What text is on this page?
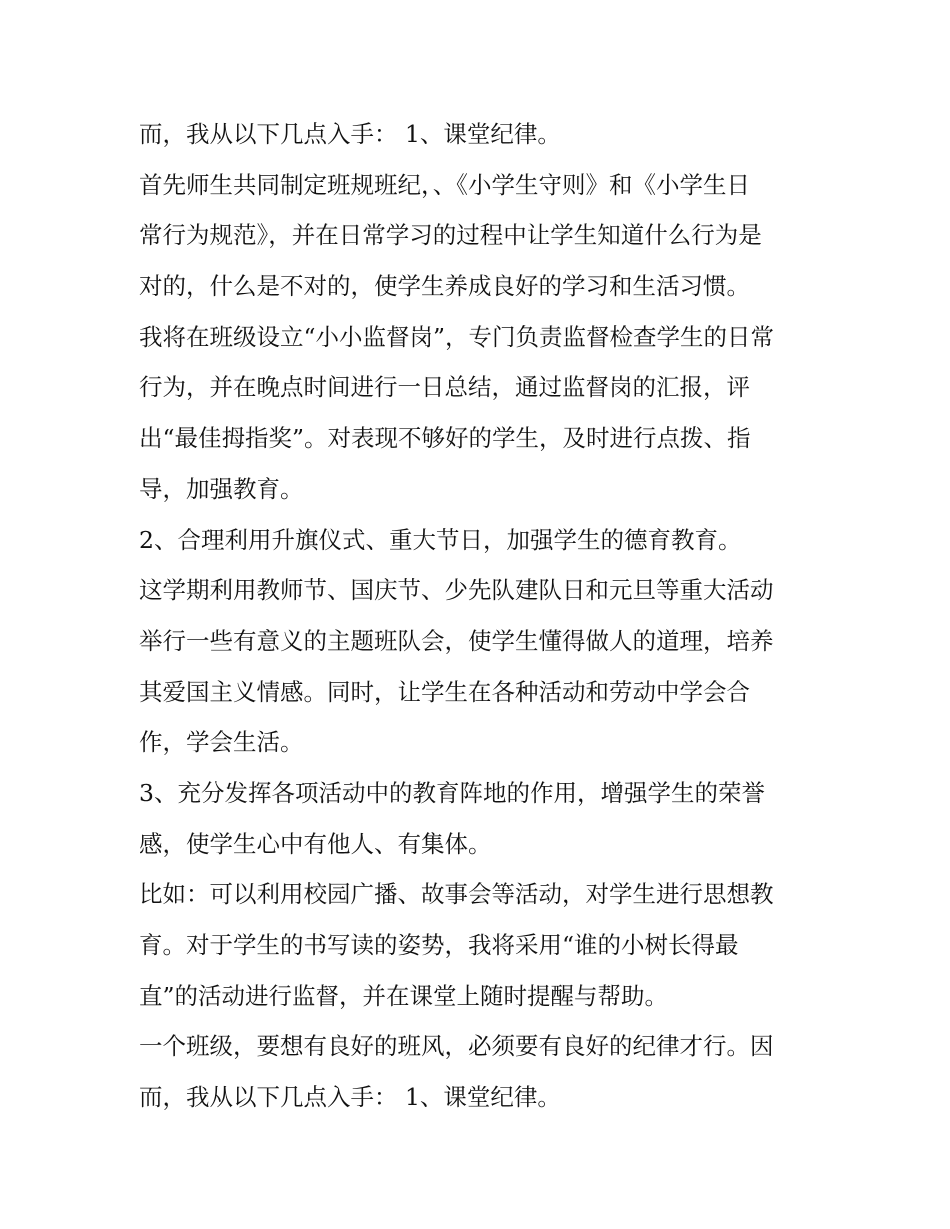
而，我从以下几点入手： 1、课堂纪律。

首先师生共同制定班规班纪，、《小学生守则》和《小学生日
常行为规范》，并在日常学习的过程中让学生知道什么行为是
对的，什么是不对的，使学生养成良好的学习和生活习惯。

我将在班级设立“小小监督岗”，专门负责监督检查学生的日常
行为，并在晚点时间进行一日总结，通过监督岗的汇报，评
出“最佳拇指奖”。对表现不够好的学生，及时进行点拨、指
导，加强教育。

2、合理利用升旗仪式、重大节日，加强学生的德育教育。

这学期利用教师节、国庆节、少先队建队日和元旦等重大活动
举行一些有意义的主题班队会，使学生懂得做人的道理，培养
其爱国主义情感。同时，让学生在各种活动和劳动中学会合
作，学会生活。

3、充分发挥各项活动中的教育阵地的作用，增强学生的荣誉
感，使学生心中有他人、有集体。

比如：可以利用校园广播、故事会等活动，对学生进行思想教
育。对于学生的书写读的姿势，我将采用“谁的小树长得最
直”的活动进行监督，并在课堂上随时提醒与帮助。

一个班级，要想有良好的班风，必须要有良好的纪律才行。因
而，我从以下几点入手： 1、课堂纪律。
